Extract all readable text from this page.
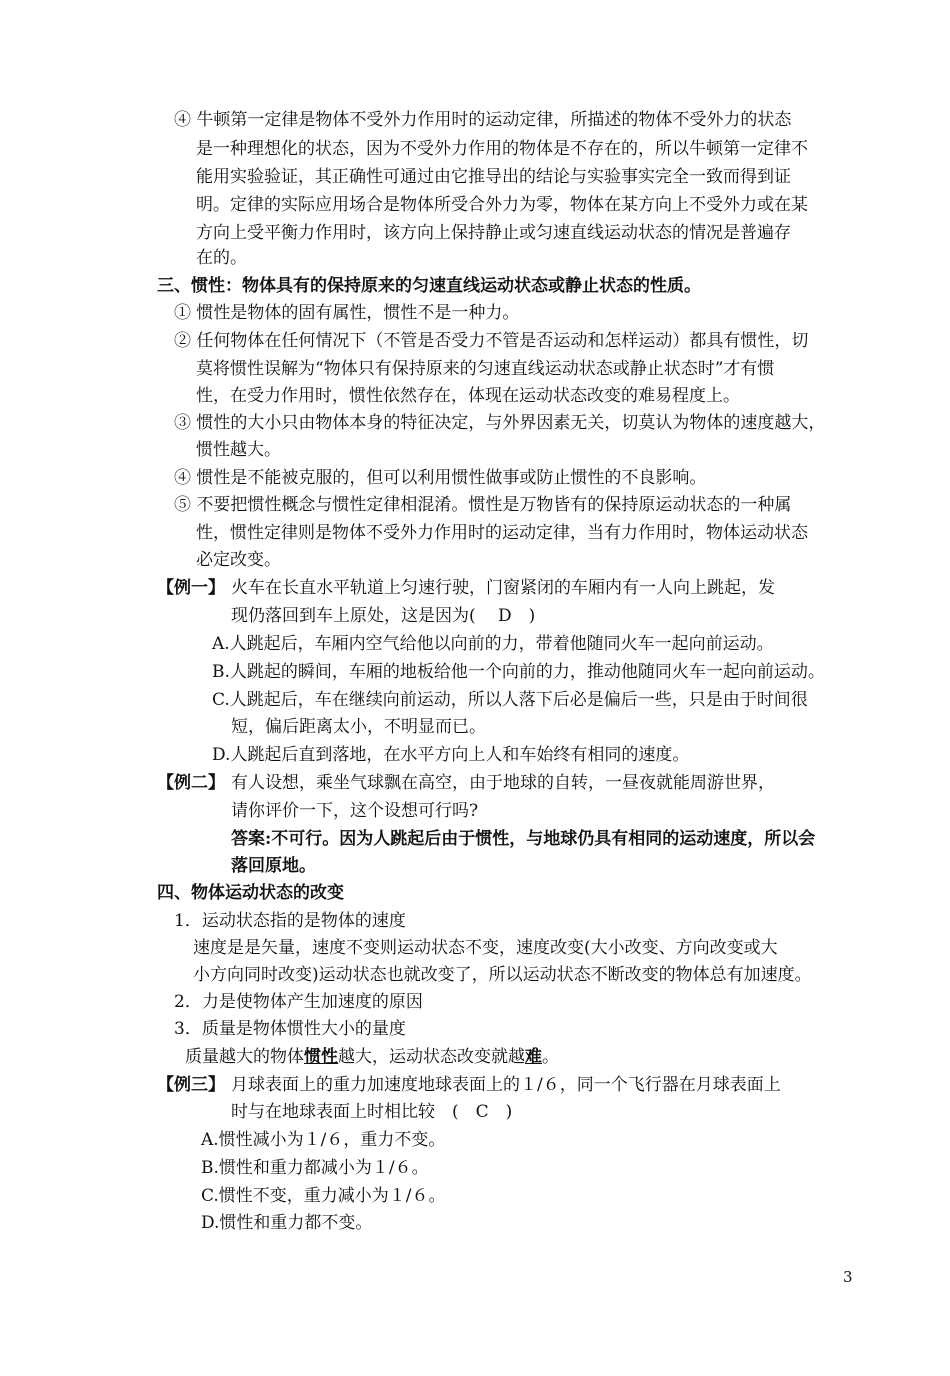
④ 牛顿第一定律是物体不受外力作用时的运动定律，所描述的物体不受外力的状态
是一种理想化的状态，因为不受外力作用的物体是不存在的，所以牛顿第一定律不
能用实验验证，其正确性可通过由它推导出的结论与实验事实完全一致而得到证
明。定律的实际应用场合是物体所受合外力为零，物体在某方向上不受外力或在某
方向上受平衡力作用时，该方向上保持静止或匀速直线运动状态的情况是普遍存
在的。
三、惯性：物体具有的保持原来的匀速直线运动状态或静止状态的性质。
① 惯性是物体的固有属性，惯性不是一种力。
② 任何物体在任何情况下（不管是否受力不管是否运动和怎样运动）都具有惯性，切
莫将惯性误解为“物体只有保持原来的匀速直线运动状态或静止状态时”才有惯
性，在受力作用时，惯性依然存在，体现在运动状态改变的难易程度上。
③ 惯性的大小只由物体本身的特征决定，与外界因素无关，切莫认为物体的速度越大，
惯性越大。
④ 惯性是不能被克服的，但可以利用惯性做事或防止惯性的不良影响。
⑤ 不要把惯性概念与惯性定律相混淆。惯性是万物皆有的保持原运动状态的一种属
性，惯性定律则是物体不受外力作用时的运动定律，当有力作用时，物体运动状态
必定改变。
【例一】 火车在长直水平轨道上匀速行驶，门窗紧闭的车厢内有一人向上跳起，发
现仍落回到车上原处，这是因为(　 D　)
A.人跳起后，车厢内空气给他以向前的力，带着他随同火车一起向前运动。
B.人跳起的瞬间，车厢的地板给他一个向前的力，推动他随同火车一起向前运动。
C.人跳起后，车在继续向前运动，所以人落下后必是偏后一些，只是由于时间很
短，偏后距离太小，不明显而已。
D.人跳起后直到落地，在水平方向上人和车始终有相同的速度。
【例二】 有人设想，乘坐气球飘在高空，由于地球的自转，一昼夜就能周游世界，
请你评价一下，这个设想可行吗?
答案:不可行。因为人跳起后由于惯性，与地球仍具有相同的运动速度，所以会
落回原地。
四、物体运动状态的改变
1．运动状态指的是物体的速度
速度是是矢量，速度不变则运动状态不变，速度改变(大小改变、方向改变或大
小方向同时改变)运动状态也就改变了，所以运动状态不断改变的物体总有加速度。
2．力是使物体产生加速度的原因
3．质量是物体惯性大小的量度
质量越大的物体惯性越大，运动状态改变就越难。
【例三】 月球表面上的重力加速度地球表面上的１/６，同一个飞行器在月球表面上
时与在地球表面上时相比较　(　C　)
A.惯性减小为１/６，重力不变。
B.惯性和重力都减小为１/６。
C.惯性不变，重力减小为１/６。
D.惯性和重力都不变。
3
